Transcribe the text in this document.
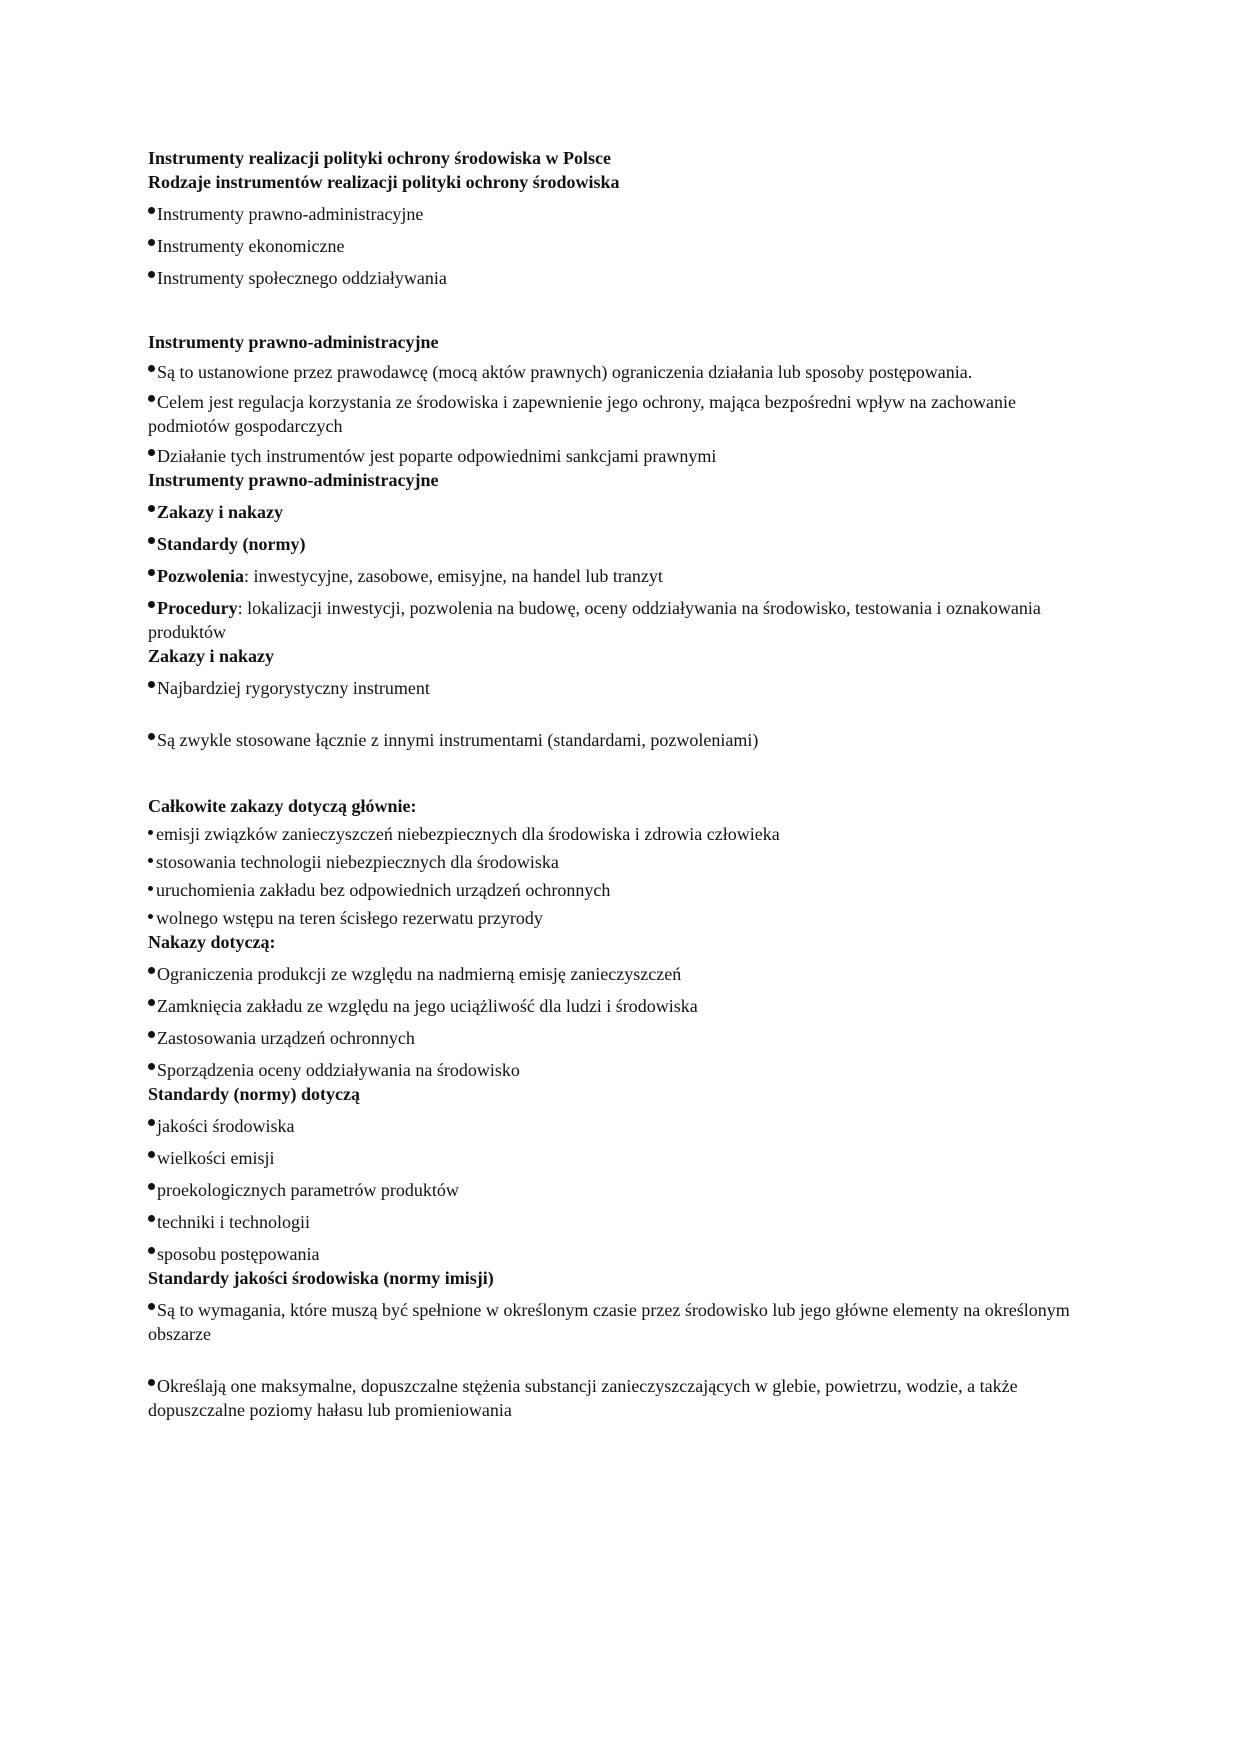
Instrumenty realizacji polityki ochrony środowiska w Polsce

Rodzaje instrumentów realizacji polityki ochrony środowiska

Instrumenty prawno-administracyjne

Instrumenty ekonomiczne

Instrumenty społecznego oddziaływania

Instrumenty prawno-administracyjne

Są to ustanowione przez prawodawcę (mocą aktów prawnych) ograniczenia działania lub sposoby postępowania.

Celem jest regulacja korzystania ze środowiska i zapewnienie jego ochrony, mająca bezpośredni wpływ na zachowanie podmiotów gospodarczych

Działanie tych instrumentów jest poparte odpowiednimi sankcjami prawnymi

Instrumenty prawno-administracyjne

Zakazy i nakazy

Standardy (normy)

Pozwolenia: inwestycyjne, zasobowe, emisyjne, na handel lub tranzyt

Procedury: lokalizacji inwestycji, pozwolenia na budowę, oceny oddziaływania na środowisko, testowania i oznakowania produktów

Zakazy i nakazy

Najbardziej rygorystyczny instrument

Są zwykle stosowane łącznie z innymi instrumentami (standardami, pozwoleniami)

Całkowite zakazy dotyczą głównie:

emisji związków zanieczyszczeń niebezpiecznych dla środowiska i zdrowia człowieka

stosowania technologii niebezpiecznych dla środowiska

uruchomienia zakładu bez odpowiednich urządzeń ochronnych

wolnego wstępu na teren ścisłego rezerwatu przyrody

Nakazy dotyczą:

Ograniczenia produkcji ze względu na nadmierną emisję zanieczyszczeń

Zamknięcia zakładu ze względu na jego uciążliwość dla ludzi i środowiska

Zastosowania urządzeń ochronnych

Sporządzenia oceny oddziaływania na środowisko

Standardy (normy) dotyczą

jakości środowiska

wielkości emisji

proekologicznych parametrów produktów

techniki i technologii

sposobu postępowania

Standardy jakości środowiska (normy imisji)

Są to wymagania, które muszą być spełnione w określonym czasie przez środowisko lub jego główne elementy na określonym obszarze

Określają one maksymalne, dopuszczalne stężenia substancji zanieczyszczających w glebie, powietrzu, wodzie, a także dopuszczalne poziomy hałasu lub promieniowania
